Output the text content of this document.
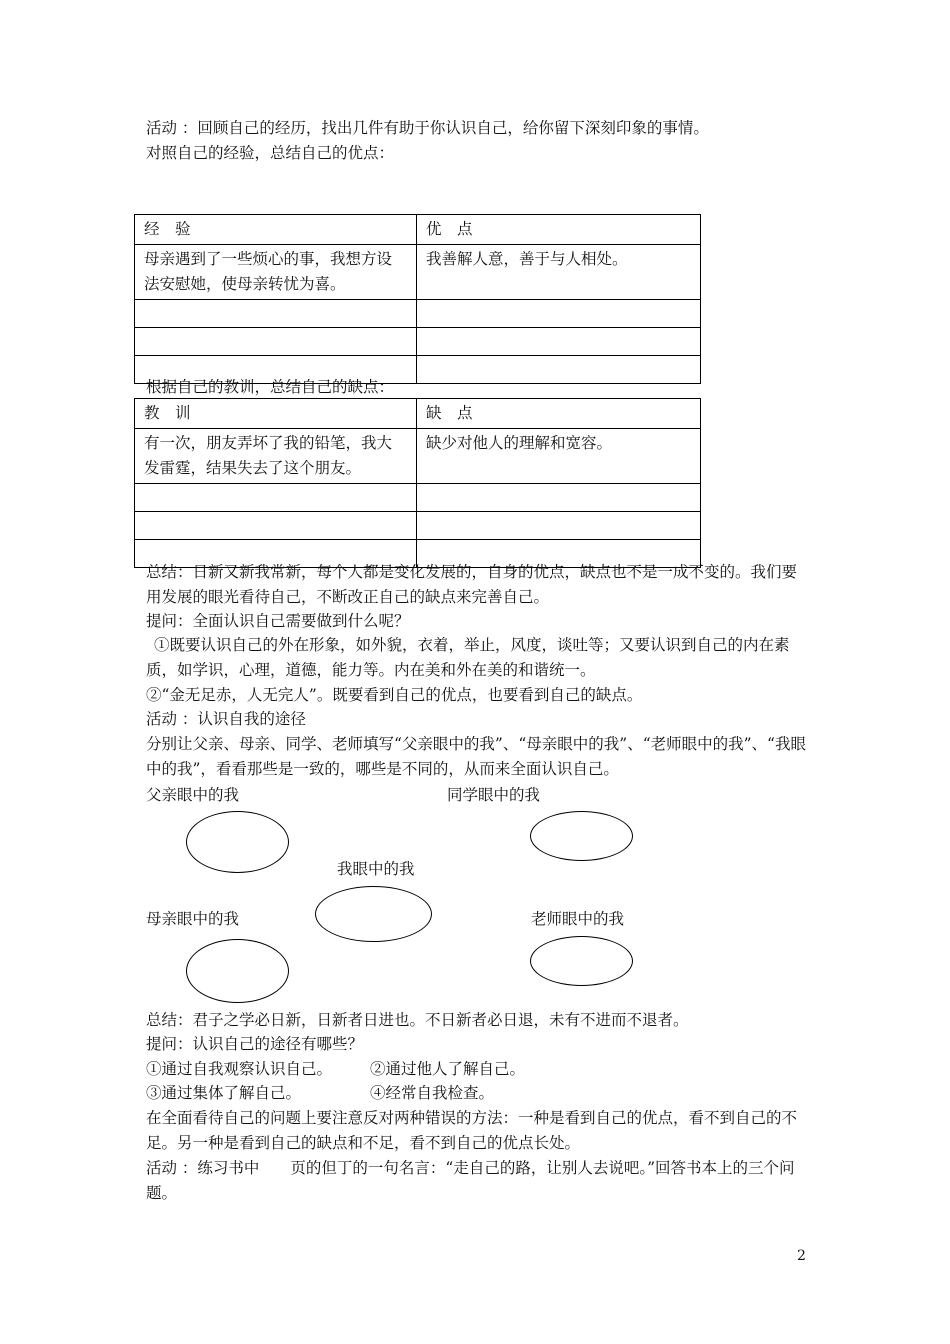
活动 ：回顾自己的经历，找出几件有助于你认识自己，给你留下深刻印象的事情。
对照自己的经验，总结自己的优点：
经　验	优　点
母亲遇到了一些烦心的事，我想方设法安慰她，使母亲转忧为喜。	我善解人意，善于与人相处。

根据自己的教训，总结自己的缺点：
教　训	缺　点
有一次，朋友弄坏了我的铅笔，我大发雷霆，结果失去了这个朋友。	缺少对他人的理解和宽容。

总结：日新又新我常新，每个人都是变化发展的，自身的优点，缺点也不是一成不变的。我们要用发展的眼光看待自己，不断改正自己的缺点来完善自己。
提问：全面认识自己需要做到什么呢？
①既要认识自己的外在形象，如外貌，衣着，举止，风度，谈吐等；又要认识到自己的内在素质，如学识，心理，道德，能力等。内在美和外在美的和谐统一。
②“金无足赤，人无完人”。既要看到自己的优点，也要看到自己的缺点。
活动 ：认识自我的途径
分别让父亲、母亲、同学、老师填写“父亲眼中的我”、“母亲眼中的我”、“老师眼中的我”、“我眼中的我”，看看那些是一致的，哪些是不同的，从而来全面认识自己。
父亲眼中的我	同学眼中的我
我眼中的我
母亲眼中的我	老师眼中的我
总结：君子之学必日新，日新者日进也。不日新者必日退，未有不进而不退者。
提问：认识自己的途径有哪些？
①通过自我观察认识自己。 ②通过他人了解自己。
③通过集体了解自己。	④经常自我检查。
在全面看待自己的问题上要注意反对两种错误的方法：一种是看到自己的优点，看不到自己的不足。另一种是看到自己的缺点和不足，看不到自己的优点长处。
活动 ：练习书中　　页的但丁的一句名言：“走自己的路，让别人去说吧。”回答书本上的三个问题。
2
